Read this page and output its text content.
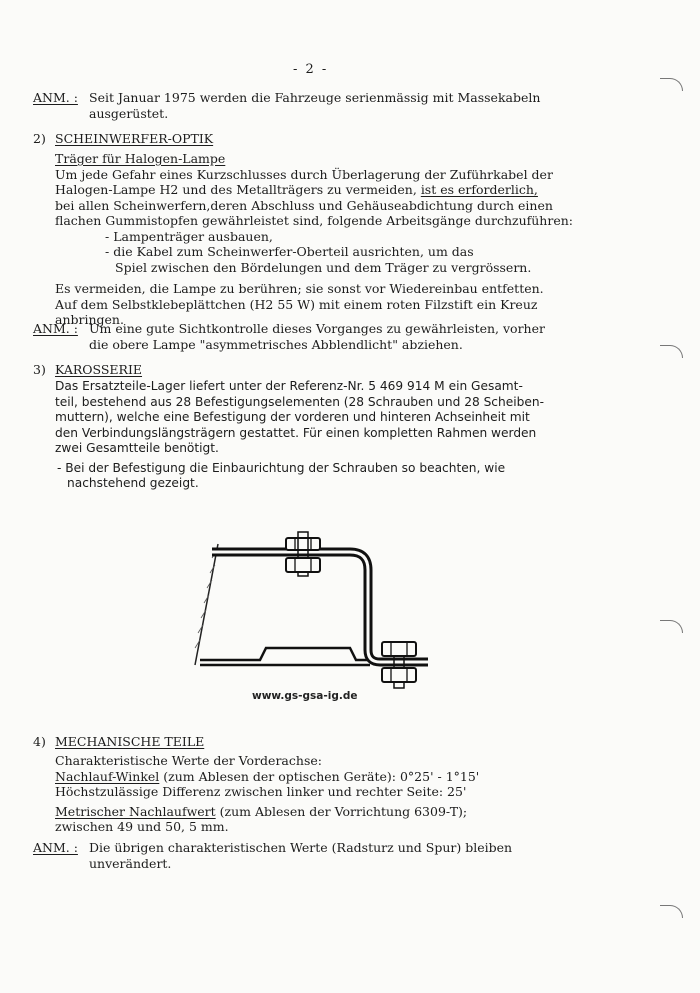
- 2 -
ANM. : Seit Januar 1975 werden die Fahrzeuge serienmässig mit Massekabeln
ausgerüstet.
2) SCHEINWERFER-OPTIK
Träger für Halogen-Lampe
Um jede Gefahr eines Kurzschlusses durch Überlagerung der Zuführkabel der
Halogen-Lampe H2 und des Metallträgers zu vermeiden, ist es erforderlich,
bei allen Scheinwerfern,deren Abschluss und Gehäuseabdichtung durch einen
flachen Gummistopfen gewährleistet sind, folgende Arbeitsgänge durchzuführen:
- Lampenträger ausbauen,
- die Kabel zum Scheinwerfer-Oberteil ausrichten, um das
Spiel zwischen den Bördelungen und dem Träger zu vergrössern.
Es vermeiden, die Lampe zu berühren; sie sonst vor Wiedereinbau entfetten.
Auf dem Selbstklebeplättchen (H2 55 W) mit einem roten Filzstift ein Kreuz
anbringen.
ANM. : Um eine gute Sichtkontrolle dieses Vorganges zu gewährleisten, vorher
die obere Lampe "asymmetrisches Abblendlicht" abziehen.
3) KAROSSERIE
Das Ersatzteile-Lager liefert unter der Referenz-Nr. 5 469 914 M ein Gesamt-
teil, bestehend aus 28 Befestigungselementen (28 Schrauben und 28 Scheiben-
muttern), welche eine Befestigung der vorderen und hinteren Achseinheit mit
den Verbindungslängsträgern gestattet. Für einen kompletten Rahmen werden
zwei Gesamtteile benötigt.
- Bei der Befestigung die Einbaurichtung der Schrauben so beachten, wie
nachstehend gezeigt.
www.gs-gsa-ig.de
4) MECHANISCHE TEILE
Charakteristische Werte der Vorderachse:
Nachlauf-Winkel (zum Ablesen der optischen Geräte): 0°25' - 1°15'
Höchstzulässige Differenz zwischen linker und rechter Seite: 25'
Metrischer Nachlaufwert (zum Ablesen der Vorrichtung 6309-T);
zwischen 49 und 50, 5 mm.
ANM. : Die übrigen charakteristischen Werte (Radsturz und Spur) bleiben
unverändert.
